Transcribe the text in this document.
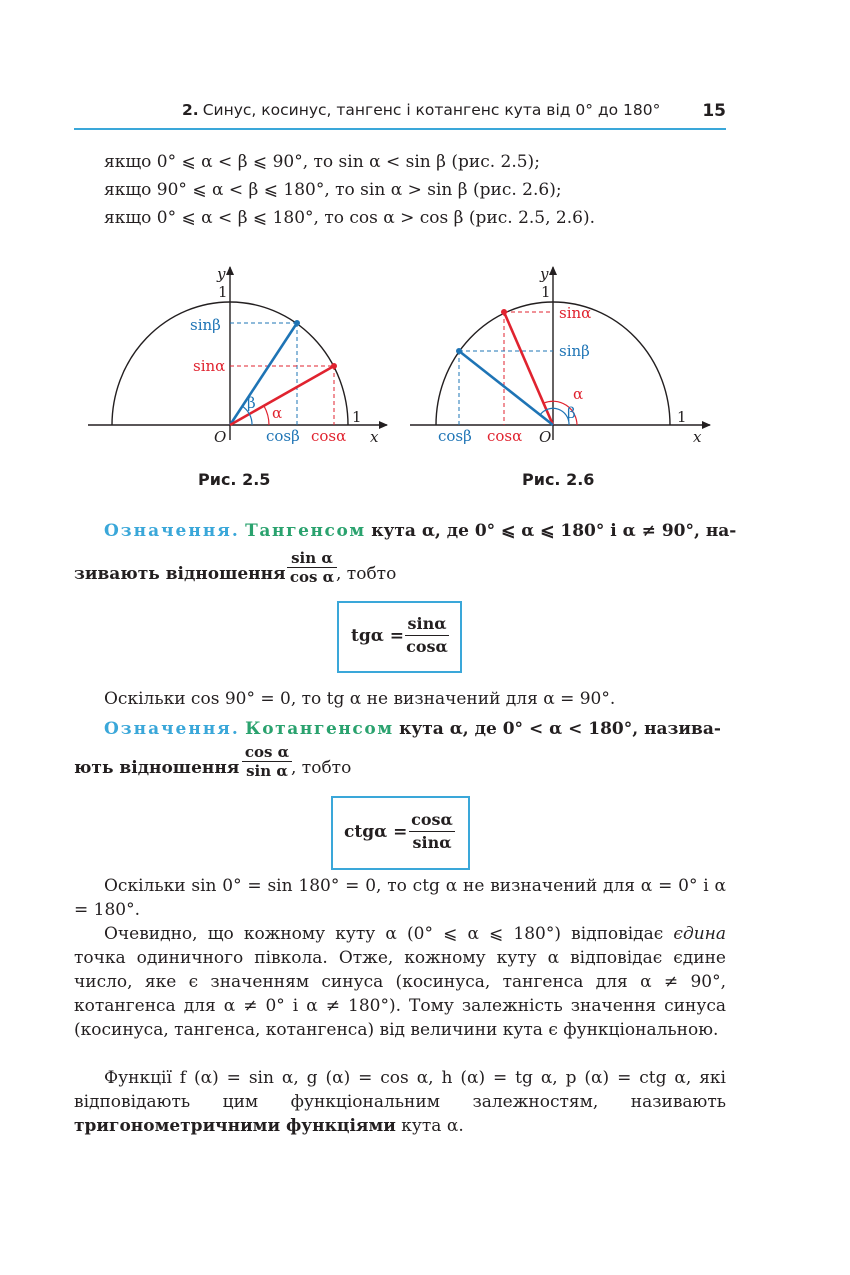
2. Синус, косинус, тангенс і котангенс кута від 0° до 180° 15
якщо 0° ⩽ α < β ⩽ 90°, то sin α < sin β (рис. 2.5);
якщо 90° ⩽ α < β ⩽ 180°, то sin α > sin β (рис. 2.6);
якщо 0° ⩽ α < β ⩽ 180°, то cos α > cos β (рис. 2.5, 2.6).
y
1
1
x
O
sinβ
sinα
cosβ cosα
α
β
Рис. 2.5
y
1
1
x
O
sinα
sinβ
cosβ cosα
α
β
Рис. 2.6
Означення. Тангенсом кута α, де 0° ⩽ α ⩽ 180° і α ≠ 90°, на-
зивають відношення $\frac{\text{sin α}}{\text{cos α}}$ , тобто
$tg\alpha = \frac{\sin\alpha}{\cos\alpha}$
Оскільки cos 90° = 0, то tg α не визначений для α = 90°.
Означення. Котангенсом кута α, де 0° < α < 180°, назива-
ють відношення $\frac{\text{cos α}}{\text{sin α}}$ , тобто
$ctg\alpha = \frac{\cos\alpha}{\sin\alpha}$

Оскільки sin 0° = sin 180° = 0, то ctg α не визначений для α = 0° і α = 180°.

Очевидно, що кожному куту α (0° ⩽ α ⩽ 180°) відповідає єдина точка одиничного півкола. Отже, кожному куту α відповідає єдине число, яке є значенням синуса (косинуса, тангенса для α ≠ 90°, котангенса для α ≠ 0° і α ≠ 180°). Тому залежність значення синуса (косинуса, тангенса, котангенса) від величини кута є функціональною.

Функції f (α) = sin α, g (α) = cos α, h (α) = tg α, p (α) = ctg α, які відповідають цим функціональним залежностям, називають тригонометричними функціями кута α.
